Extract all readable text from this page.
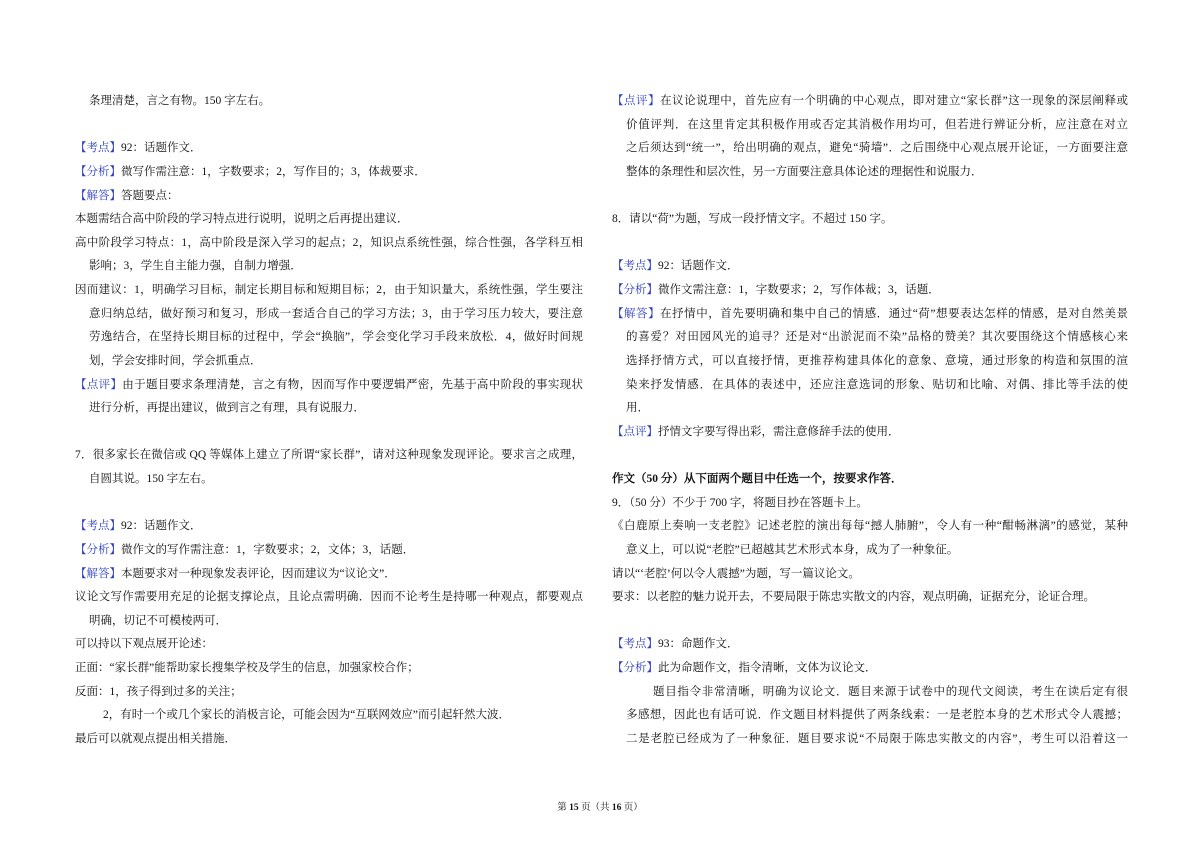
条理清楚，言之有物。150 字左右。
【考点】92：话题作文．
【分析】微写作需注意：1，字数要求；2，写作目的；3，体裁要求．
【解答】答题要点：
本题需结合高中阶段的学习特点进行说明，说明之后再提出建议．
高中阶段学习特点：1，高中阶段是深入学习的起点；2，知识点系统性强，综合性强，各学科互相
影响；3，学生自主能力强，自制力增强．
因而建议：1，明确学习目标，制定长期目标和短期目标；2，由于知识量大，系统性强，学生要注
意归纳总结，做好预习和复习，形成一套适合自己的学习方法；3，由于学习压力较大，要注意
劳逸结合，在坚持长期目标的过程中，学会“换脑”，学会变化学习手段来放松．4，做好时间规
划，学会安排时间，学会抓重点．
【点评】由于题目要求条理清楚，言之有物，因而写作中要逻辑严密，先基于高中阶段的事实现状
进行分析，再提出建议，做到言之有理，具有说服力．
7．很多家长在微信或 QQ 等媒体上建立了所谓“家长群”，请对这种现象发现评论。要求言之成理，
自圆其说。150 字左右。
【考点】92：话题作文．
【分析】微作文的写作需注意：1，字数要求；2，文体；3，话题．
【解答】本题要求对一种现象发表评论，因而建议为“议论文”．
议论文写作需要用充足的论据支撑论点，且论点需明确．因而不论考生是持哪一种观点，都要观点
明确，切记不可模棱两可．
可以持以下观点展开论述：
正面：“家长群”能帮助家长搜集学校及学生的信息，加强家校合作；
反面：1，孩子得到过多的关注；
2，有时一个或几个家长的消极言论，可能会因为“互联网效应”而引起轩然大波．
最后可以就观点提出相关措施．
【点评】在议论说理中，首先应有一个明确的中心观点，即对建立“家长群”这一现象的深层阐释或
价值评判．在这里肯定其积极作用或否定其消极作用均可，但若进行辨证分析，应注意在对立
之后须达到“统一”，给出明确的观点，避免“骑墙”．之后围绕中心观点展开论证，一方面要注意
整体的条理性和层次性，另一方面要注意具体论述的理据性和说服力．
8．请以“荷”为题，写成一段抒情文字。不超过 150 字。
【考点】92：话题作文．
【分析】微作文需注意：1，字数要求；2，写作体裁；3，话题．
【解答】在抒情中，首先要明确和集中自己的情感．通过“荷”想要表达怎样的情感，是对自然美景
的喜爱？对田园风光的追寻？还是对“出淤泥而不染”品格的赞美？其次要围绕这个情感核心来
选择抒情方式，可以直接抒情，更推荐构建具体化的意象、意境，通过形象的构造和氛围的渲
染来抒发情感．在具体的表述中，还应注意选词的形象、贴切和比喻、对偶、排比等手法的使
用．
【点评】抒情文字要写得出彩，需注意修辞手法的使用．
作文（50 分）从下面两个题目中任选一个，按要求作答．
9．（50 分）不少于 700 字，将题目抄在答题卡上。
《白鹿原上奏响一支老腔》记述老腔的演出每每“撼人肺腑”，令人有一种“酣畅淋漓”的感觉，某种
意义上，可以说“老腔”已超越其艺术形式本身，成为了一种象征。
请以“‘老腔’何以令人震撼”为题，写一篇议论文。
要求：以老腔的魅力说开去，不要局限于陈忠实散文的内容，观点明确，证据充分，论证合理。
【考点】93：命题作文．
【分析】此为命题作文，指令清晰，文体为议论文．
题目指令非常清晰，明确为议论文．题目来源于试卷中的现代文阅读，考生在读后定有很
多感想，因此也有话可说．作文题目材料提供了两条线索：一是老腔本身的艺术形式令人震撼；
二是老腔已经成为了一种象征．题目要求说“不局限于陈忠实散文的内容”，考生可以沿着这一
第 15 页（共 16 页）
